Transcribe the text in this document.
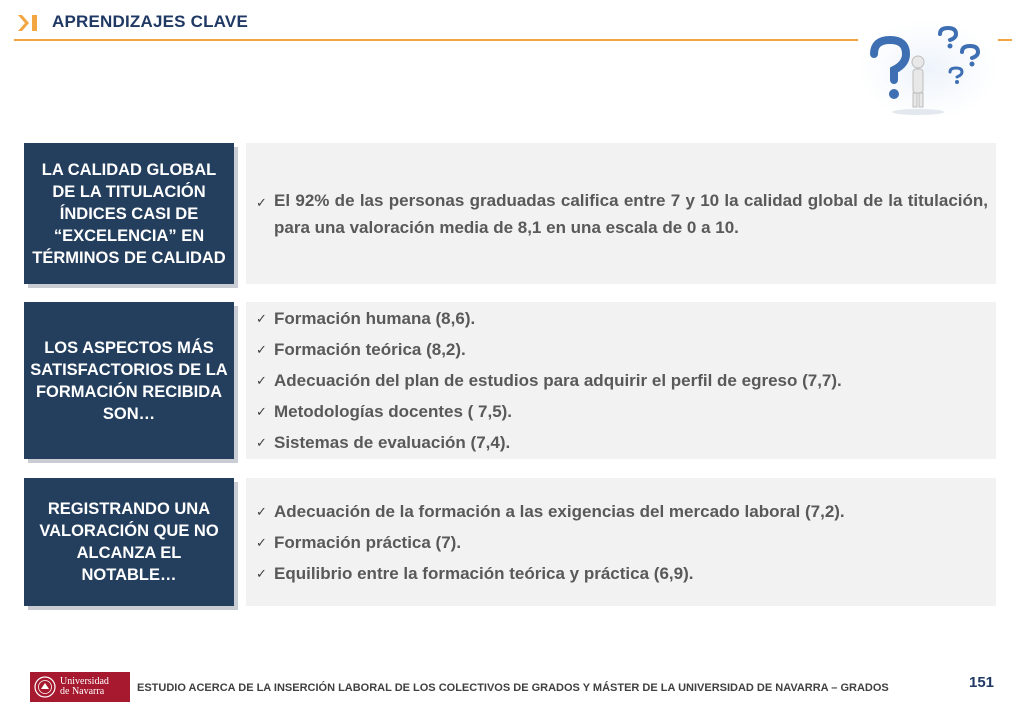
APRENDIZAJES CLAVE
LA CALIDAD GLOBAL DE LA TITULACIÓN ÍNDICES CASI DE “EXCELENCIA” EN TÉRMINOS DE CALIDAD
✓ El 92% de las personas graduadas califica entre 7 y 10 la calidad global de la titulación, para una valoración media de 8,1 en una escala de 0 a 10.
LOS ASPECTOS MÁS SATISFACTORIOS DE LA FORMACIÓN RECIBIDA SON…
✓ Formación humana (8,6).
✓ Formación teórica (8,2).
✓ Adecuación del plan de estudios para adquirir el perfil de egreso (7,7).
✓ Metodologías docentes ( 7,5).
✓ Sistemas de evaluación (7,4).
REGISTRANDO UNA VALORACIÓN QUE NO ALCANZA EL NOTABLE…
✓ Adecuación de la formación a las exigencias del mercado laboral (7,2).
✓ Formación práctica (7).
✓ Equilibrio entre la formación teórica y práctica (6,9).
Universidad
de Navarra	ESTUDIO ACERCA DE LA INSERCIÓN LABORAL DE LOS COLECTIVOS DE GRADOS Y MÁSTER DE LA UNIVERSIDAD DE NAVARRA – GRADOS	151
